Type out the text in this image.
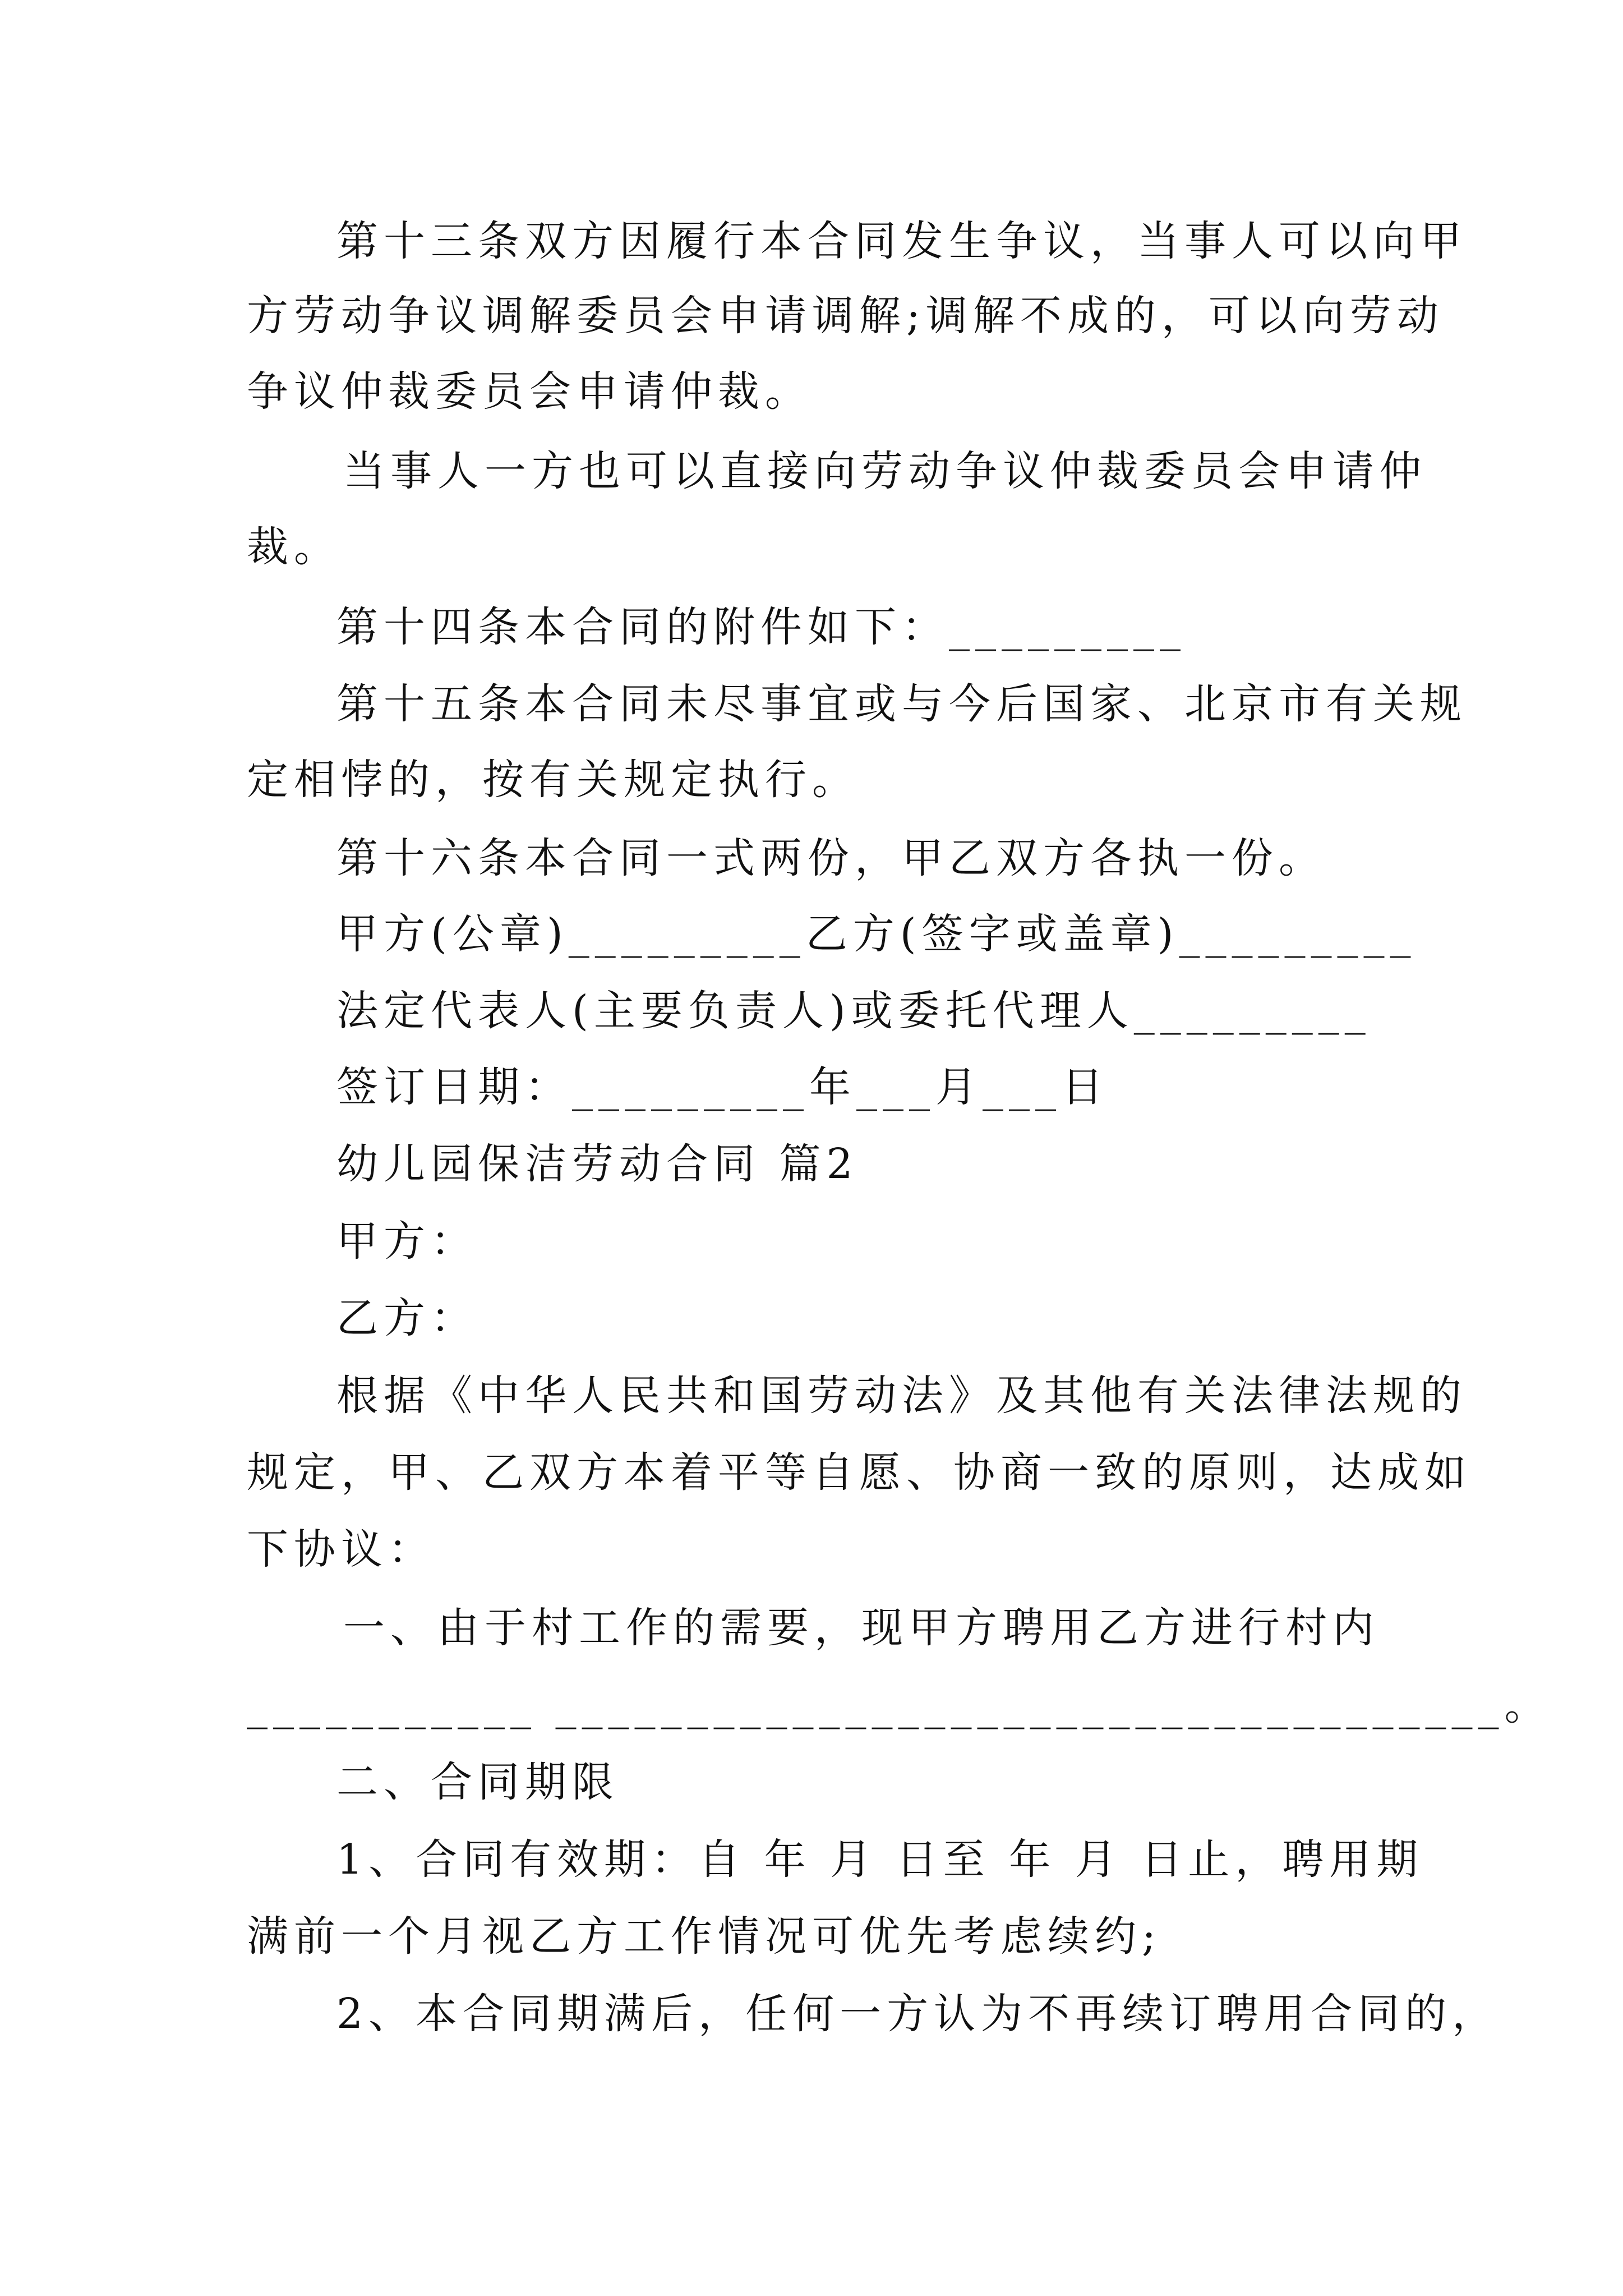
第十三条双方因履行本合同发生争议，当事人可以向甲
方劳动争议调解委员会申请调解;调解不成的，可以向劳动
争议仲裁委员会申请仲裁。
当事人一方也可以直接向劳动争议仲裁委员会申请仲
裁。
第十四条本合同的附件如下：_________
第十五条本合同未尽事宜或与今后国家、北京市有关规
定相悖的，按有关规定执行。
第十六条本合同一式两份，甲乙双方各执一份。
甲方(公章)_________乙方(签字或盖章)_________
法定代表人(主要负责人)或委托代理人_________
签订日期：_________年___月___日
幼儿园保洁劳动合同 篇2
甲方：
乙方：
根据《中华人民共和国劳动法》及其他有关法律法规的
规定，甲、乙双方本着平等自愿、协商一致的原则，达成如
下协议：
一、由于村工作的需要，现甲方聘用乙方进行村内
___________ ____________________________________。
二、合同期限
1、合同有效期：自 年 月 日至 年 月 日止，聘用期
满前一个月视乙方工作情况可优先考虑续约;
2、本合同期满后，任何一方认为不再续订聘用合同的，
